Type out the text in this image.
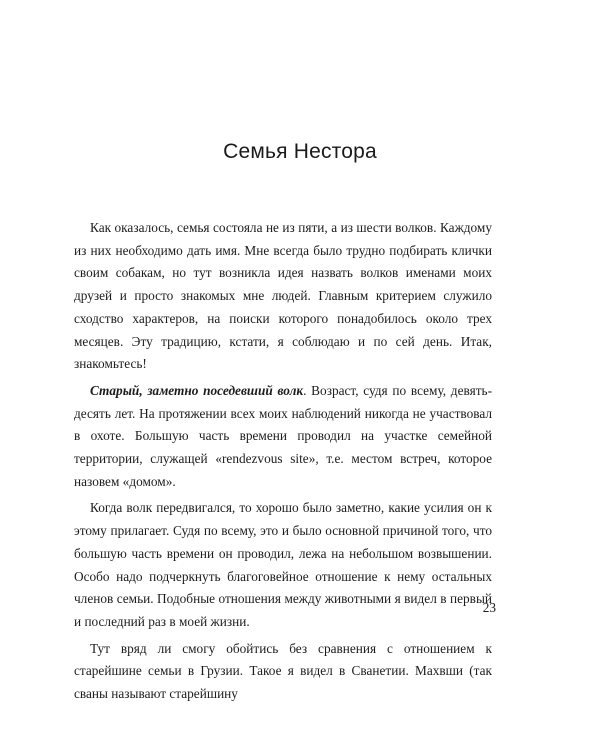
Семья Нестора

Как оказалось, семья состояла не из пяти, а из шести волков. Каждому из них необходимо дать имя. Мне всегда было трудно подбирать клички своим собакам, но тут возникла идея назвать волков именами моих друзей и просто знакомых мне людей. Главным критерием служило сходство характеров, на поиски которого понадобилось около трех месяцев. Эту традицию, кстати, я соблюдаю и по сей день. Итак, знакомьтесь!

Старый, заметно поседевший волк. Возраст, судя по всему, девять-десять лет. На протяжении всех моих наблюдений никогда не участвовал в охоте. Большую часть времени проводил на участке семейной территории, служащей «rendezvous site», т.е. местом встреч, которое назовем «домом».

Когда волк передвигался, то хорошо было заметно, какие усилия он к этому прилагает. Судя по всему, это и было основной причиной того, что большую часть времени он проводил, лежа на небольшом возвышении. Особо надо подчеркнуть благоговейное отношение к нему остальных членов семьи. Подобные отношения между животными я видел в первый и последний раз в моей жизни.

Тут вряд ли смогу обойтись без сравнения с отношением к старейшине семьи в Грузии. Такое я видел в Сванетии. Махвши (так сваны называют старейшину

23
